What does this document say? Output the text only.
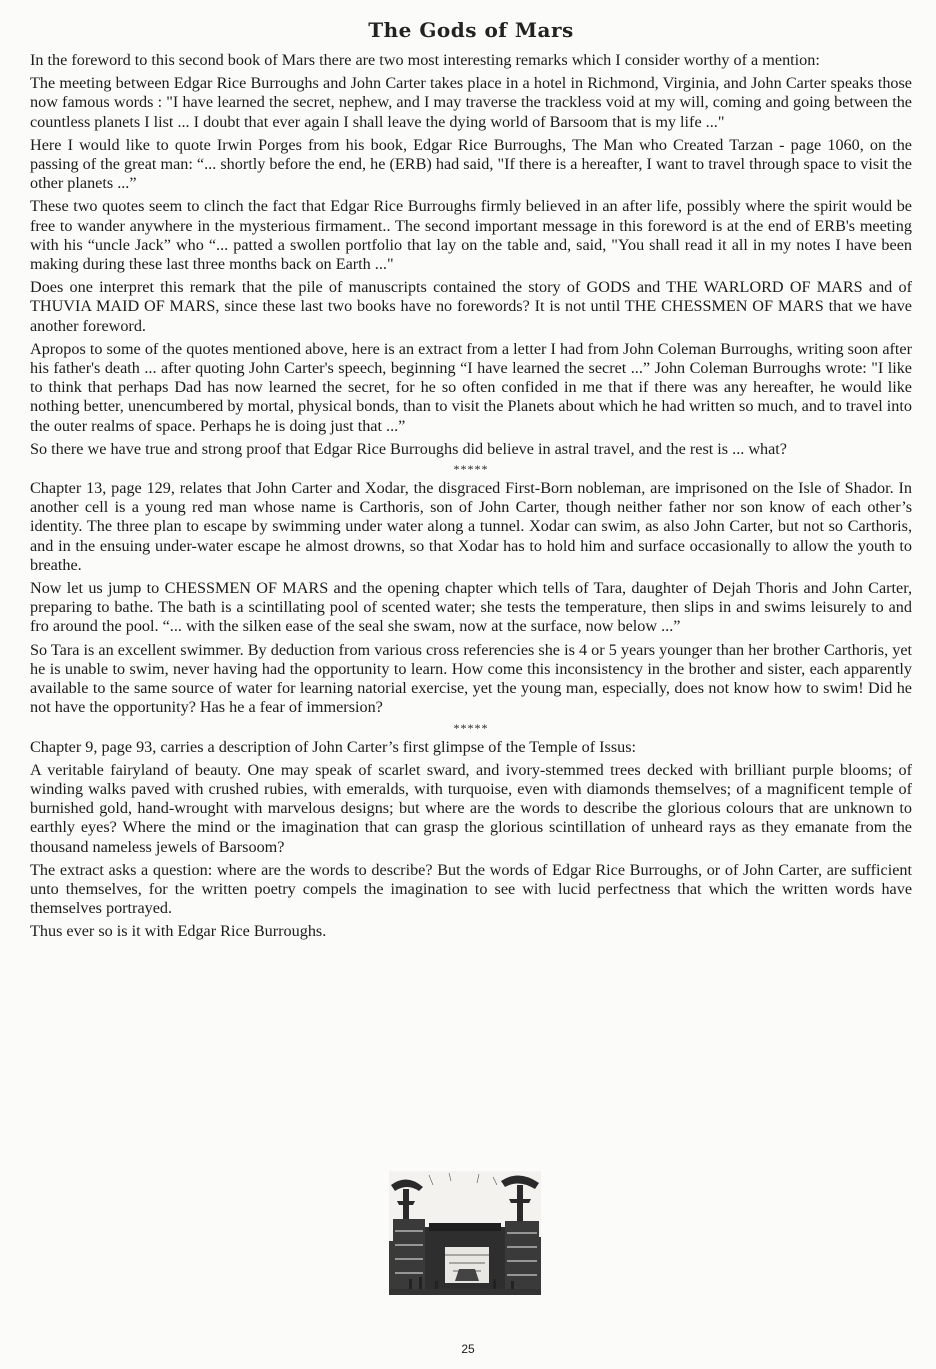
The Gods of Mars

In the foreword to this second book of Mars there are two most interesting remarks which I consider worthy of a mention:

The meeting between Edgar Rice Burroughs and John Carter takes place in a hotel in Richmond, Virginia, and John Carter speaks those now famous words : "I have learned the secret, nephew, and I may traverse the trackless void at my will, coming and going between the countless planets I list ... I doubt that ever again I shall leave the dying world of Barsoom that is my life ..."

Here I would like to quote Irwin Porges from his book, Edgar Rice Burroughs, The Man who Created Tarzan - page 1060, on the passing of the great man: “... shortly before the end, he (ERB) had said, "If there is a hereafter, I want to travel through space to visit the other planets ...”

These two quotes seem to clinch the fact that Edgar Rice Burroughs firmly believed in an after life, possibly where the spirit would be free to wander anywhere in the mysterious firmament.. The second important message in this foreword is at the end of ERB's meeting with his “uncle Jack” who “... patted a swollen portfolio that lay on the table and, said, "You shall read it all in my notes I have been making during these last three months back on Earth ..."

Does one interpret this remark that the pile of manuscripts contained the story of GODS and THE WARLORD OF MARS and of THUVIA MAID OF MARS, since these last two books have no forewords? It is not until THE CHESSMEN OF MARS that we have another foreword.

Apropos to some of the quotes mentioned above, here is an extract from a letter I had from John Coleman Burroughs, writing soon after his father's death ... after quoting John Carter's speech, beginning “I have learned the secret ...” John Coleman Burroughs wrote: "I like to think that perhaps Dad has now learned the secret, for he so often confided in me that if there was any hereafter, he would like nothing better, unencumbered by mortal, physical bonds, than to visit the Planets about which he had written so much, and to travel into the outer realms of space. Perhaps he is doing just that ...”

So there we have true and strong proof that Edgar Rice Burroughs did believe in astral travel, and the rest is ... what?

*****

Chapter 13, page 129, relates that John Carter and Xodar, the disgraced First-Born nobleman, are imprisoned on the Isle of Shador. In another cell is a young red man whose name is Carthoris, son of John Carter, though neither father nor son know of each other’s identity. The three plan to escape by swimming under water along a tunnel. Xodar can swim, as also John Carter, but not so Carthoris, and in the ensuing under-water escape he almost drowns, so that Xodar has to hold him and surface occasionally to allow the youth to breathe.

Now let us jump to CHESSMEN OF MARS and the opening chapter which tells of Tara, daughter of Dejah Thoris and John Carter, preparing to bathe. The bath is a scintillating pool of scented water; she tests the temperature, then slips in and swims leisurely to and fro around the pool. “... with the silken ease of the seal she swam, now at the surface, now below ...”

So Tara is an excellent swimmer. By deduction from various cross referencies she is 4 or 5 years younger than her brother Carthoris, yet he is unable to swim, never having had the opportunity to learn. How come this inconsistency in the brother and sister, each apparently available to the same source of water for learning natorial exercise, yet the young man, especially, does not know how to swim! Did he not have the opportunity? Has he a fear of immersion?

*****

Chapter 9, page 93, carries a description of John Carter’s first glimpse of the Temple of Issus:

A veritable fairyland of beauty. One may speak of scarlet sward, and ivory-stemmed trees decked with brilliant purple blooms; of winding walks paved with crushed rubies, with emeralds, with turquoise, even with diamonds themselves; of a magnificent temple of burnished gold, hand-wrought with marvelous designs; but where are the words to describe the glorious colours that are unknown to earthly eyes? Where the mind or the imagination that can grasp the glorious scintillation of unheard rays as they emanate from the thousand nameless jewels of Barsoom?

The extract asks a question: where are the words to describe? But the words of Edgar Rice Burroughs, or of John Carter, are sufficient unto themselves, for the written poetry compels the imagination to see with lucid perfectness that which the written words have themselves portrayed.

Thus ever so is it with Edgar Rice Burroughs.

25
